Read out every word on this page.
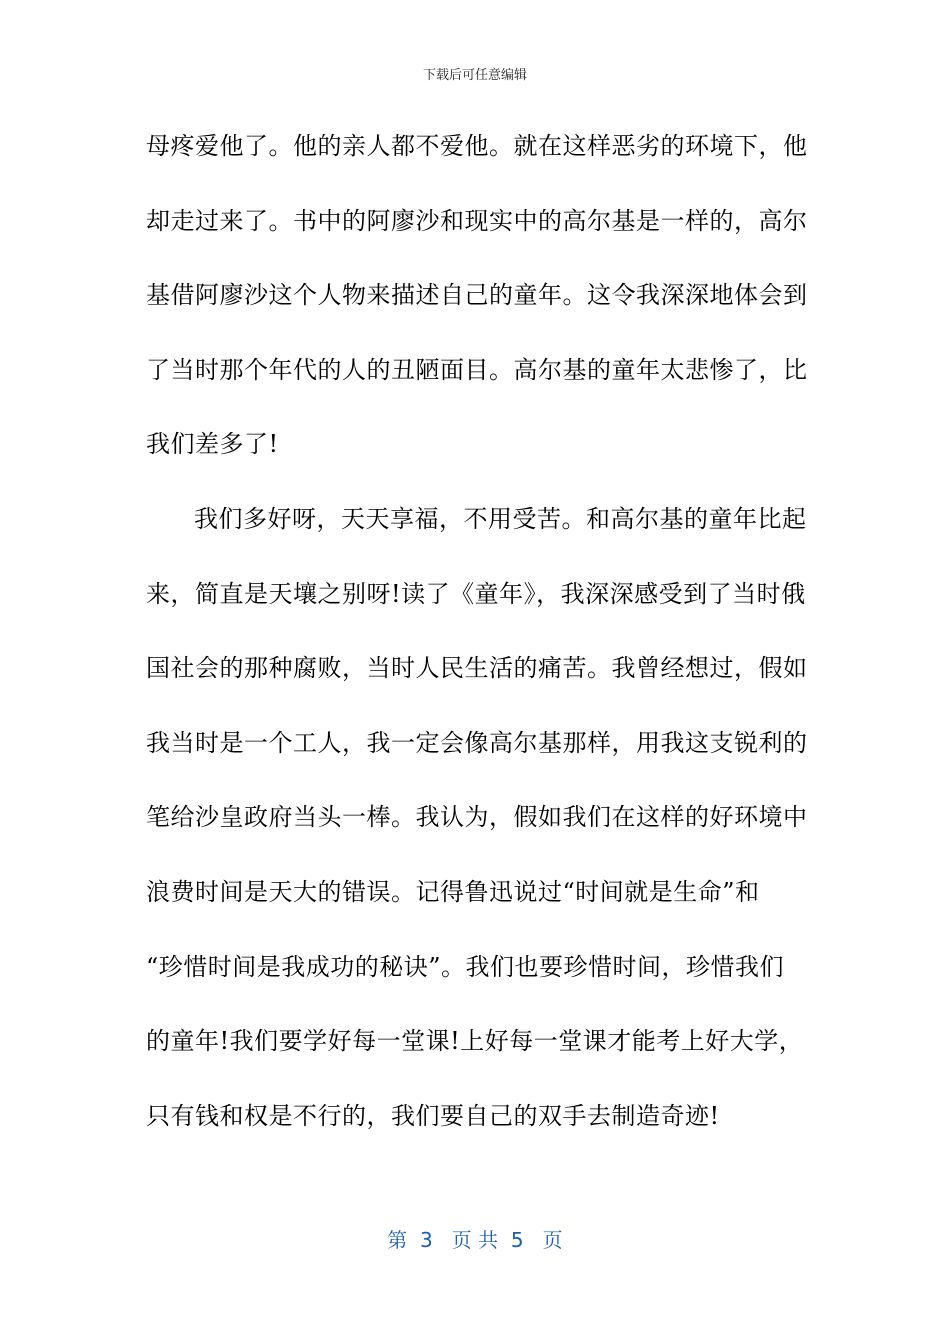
下载后可任意编辑
母疼爱他了。他的亲人都不爱他。就在这样恶劣的环境下，他
却走过来了。书中的阿廖沙和现实中的高尔基是一样的，高尔
基借阿廖沙这个人物来描述自己的童年。这令我深深地体会到
了当时那个年代的人的丑陋面目。高尔基的童年太悲惨了，比
我们差多了!
我们多好呀，天天享福，不用受苦。和高尔基的童年比起
来，简直是天壤之别呀!读了《童年》，我深深感受到了当时俄
国社会的那种腐败，当时人民生活的痛苦。我曾经想过，假如
我当时是一个工人，我一定会像高尔基那样，用我这支锐利的
笔给沙皇政府当头一棒。我认为，假如我们在这样的好环境中
浪费时间是天大的错误。记得鲁迅说过“时间就是生命”和
“珍惜时间是我成功的秘诀”。我们也要珍惜时间，珍惜我们
的童年!我们要学好每一堂课!上好每一堂课才能考上好大学，
只有钱和权是不行的，我们要自己的双手去制造奇迹!
第  3   页 共  5   页
